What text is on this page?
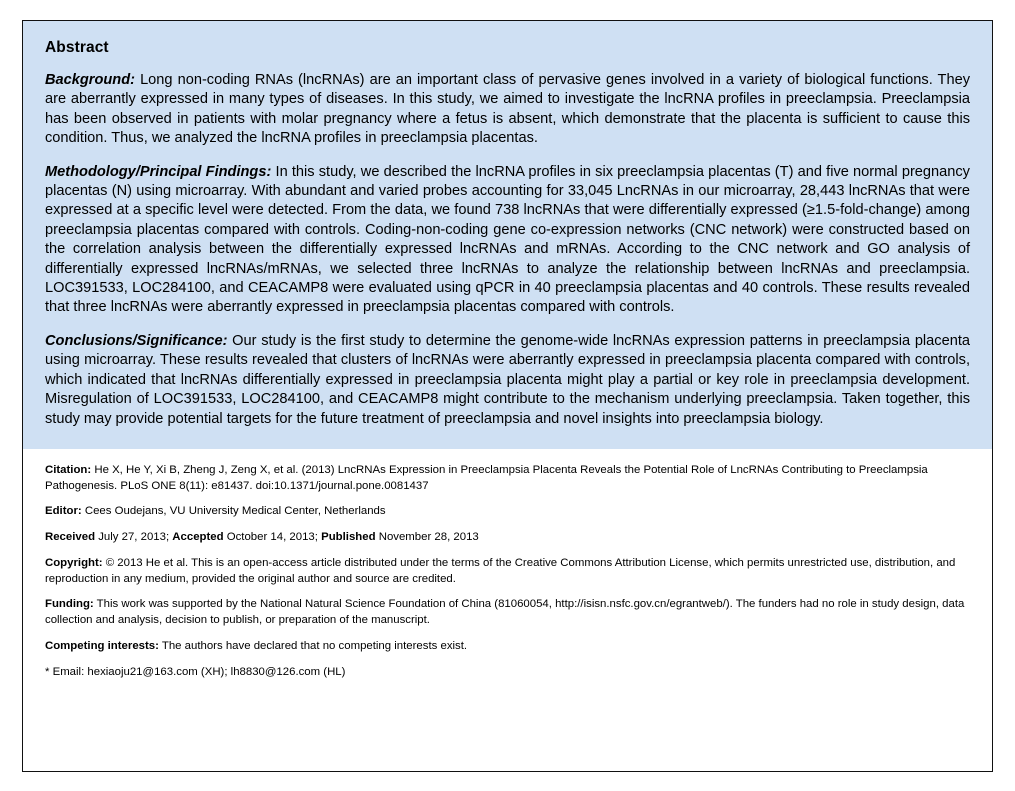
Abstract

Background: Long non-coding RNAs (lncRNAs) are an important class of pervasive genes involved in a variety of biological functions. They are aberrantly expressed in many types of diseases. In this study, we aimed to investigate the lncRNA profiles in preeclampsia. Preeclampsia has been observed in patients with molar pregnancy where a fetus is absent, which demonstrate that the placenta is sufficient to cause this condition. Thus, we analyzed the lncRNA profiles in preeclampsia placentas.

Methodology/Principal Findings: In this study, we described the lncRNA profiles in six preeclampsia placentas (T) and five normal pregnancy placentas (N) using microarray. With abundant and varied probes accounting for 33,045 LncRNAs in our microarray, 28,443 lncRNAs that were expressed at a specific level were detected. From the data, we found 738 lncRNAs that were differentially expressed (≥1.5-fold-change) among preeclampsia placentas compared with controls. Coding-non-coding gene co-expression networks (CNC network) were constructed based on the correlation analysis between the differentially expressed lncRNAs and mRNAs. According to the CNC network and GO analysis of differentially expressed lncRNAs/mRNAs, we selected three lncRNAs to analyze the relationship between lncRNAs and preeclampsia. LOC391533, LOC284100, and CEACAMP8 were evaluated using qPCR in 40 preeclampsia placentas and 40 controls. These results revealed that three lncRNAs were aberrantly expressed in preeclampsia placentas compared with controls.

Conclusions/Significance: Our study is the first study to determine the genome-wide lncRNAs expression patterns in preeclampsia placenta using microarray. These results revealed that clusters of lncRNAs were aberrantly expressed in preeclampsia placenta compared with controls, which indicated that lncRNAs differentially expressed in preeclampsia placenta might play a partial or key role in preeclampsia development. Misregulation of LOC391533, LOC284100, and CEACAMP8 might contribute to the mechanism underlying preeclampsia. Taken together, this study may provide potential targets for the future treatment of preeclampsia and novel insights into preeclampsia biology.

Citation: He X, He Y, Xi B, Zheng J, Zeng X, et al. (2013) LncRNAs Expression in Preeclampsia Placenta Reveals the Potential Role of LncRNAs Contributing to Preeclampsia Pathogenesis. PLoS ONE 8(11): e81437. doi:10.1371/journal.pone.0081437

Editor: Cees Oudejans, VU University Medical Center, Netherlands

Received July 27, 2013; Accepted October 14, 2013; Published November 28, 2013

Copyright: © 2013 He et al. This is an open-access article distributed under the terms of the Creative Commons Attribution License, which permits unrestricted use, distribution, and reproduction in any medium, provided the original author and source are credited.

Funding: This work was supported by the National Natural Science Foundation of China (81060054, http://isisn.nsfc.gov.cn/egrantweb/). The funders had no role in study design, data collection and analysis, decision to publish, or preparation of the manuscript.

Competing interests: The authors have declared that no competing interests exist.

* Email: hexiaoju21@163.com (XH); lh8830@126.com (HL)
